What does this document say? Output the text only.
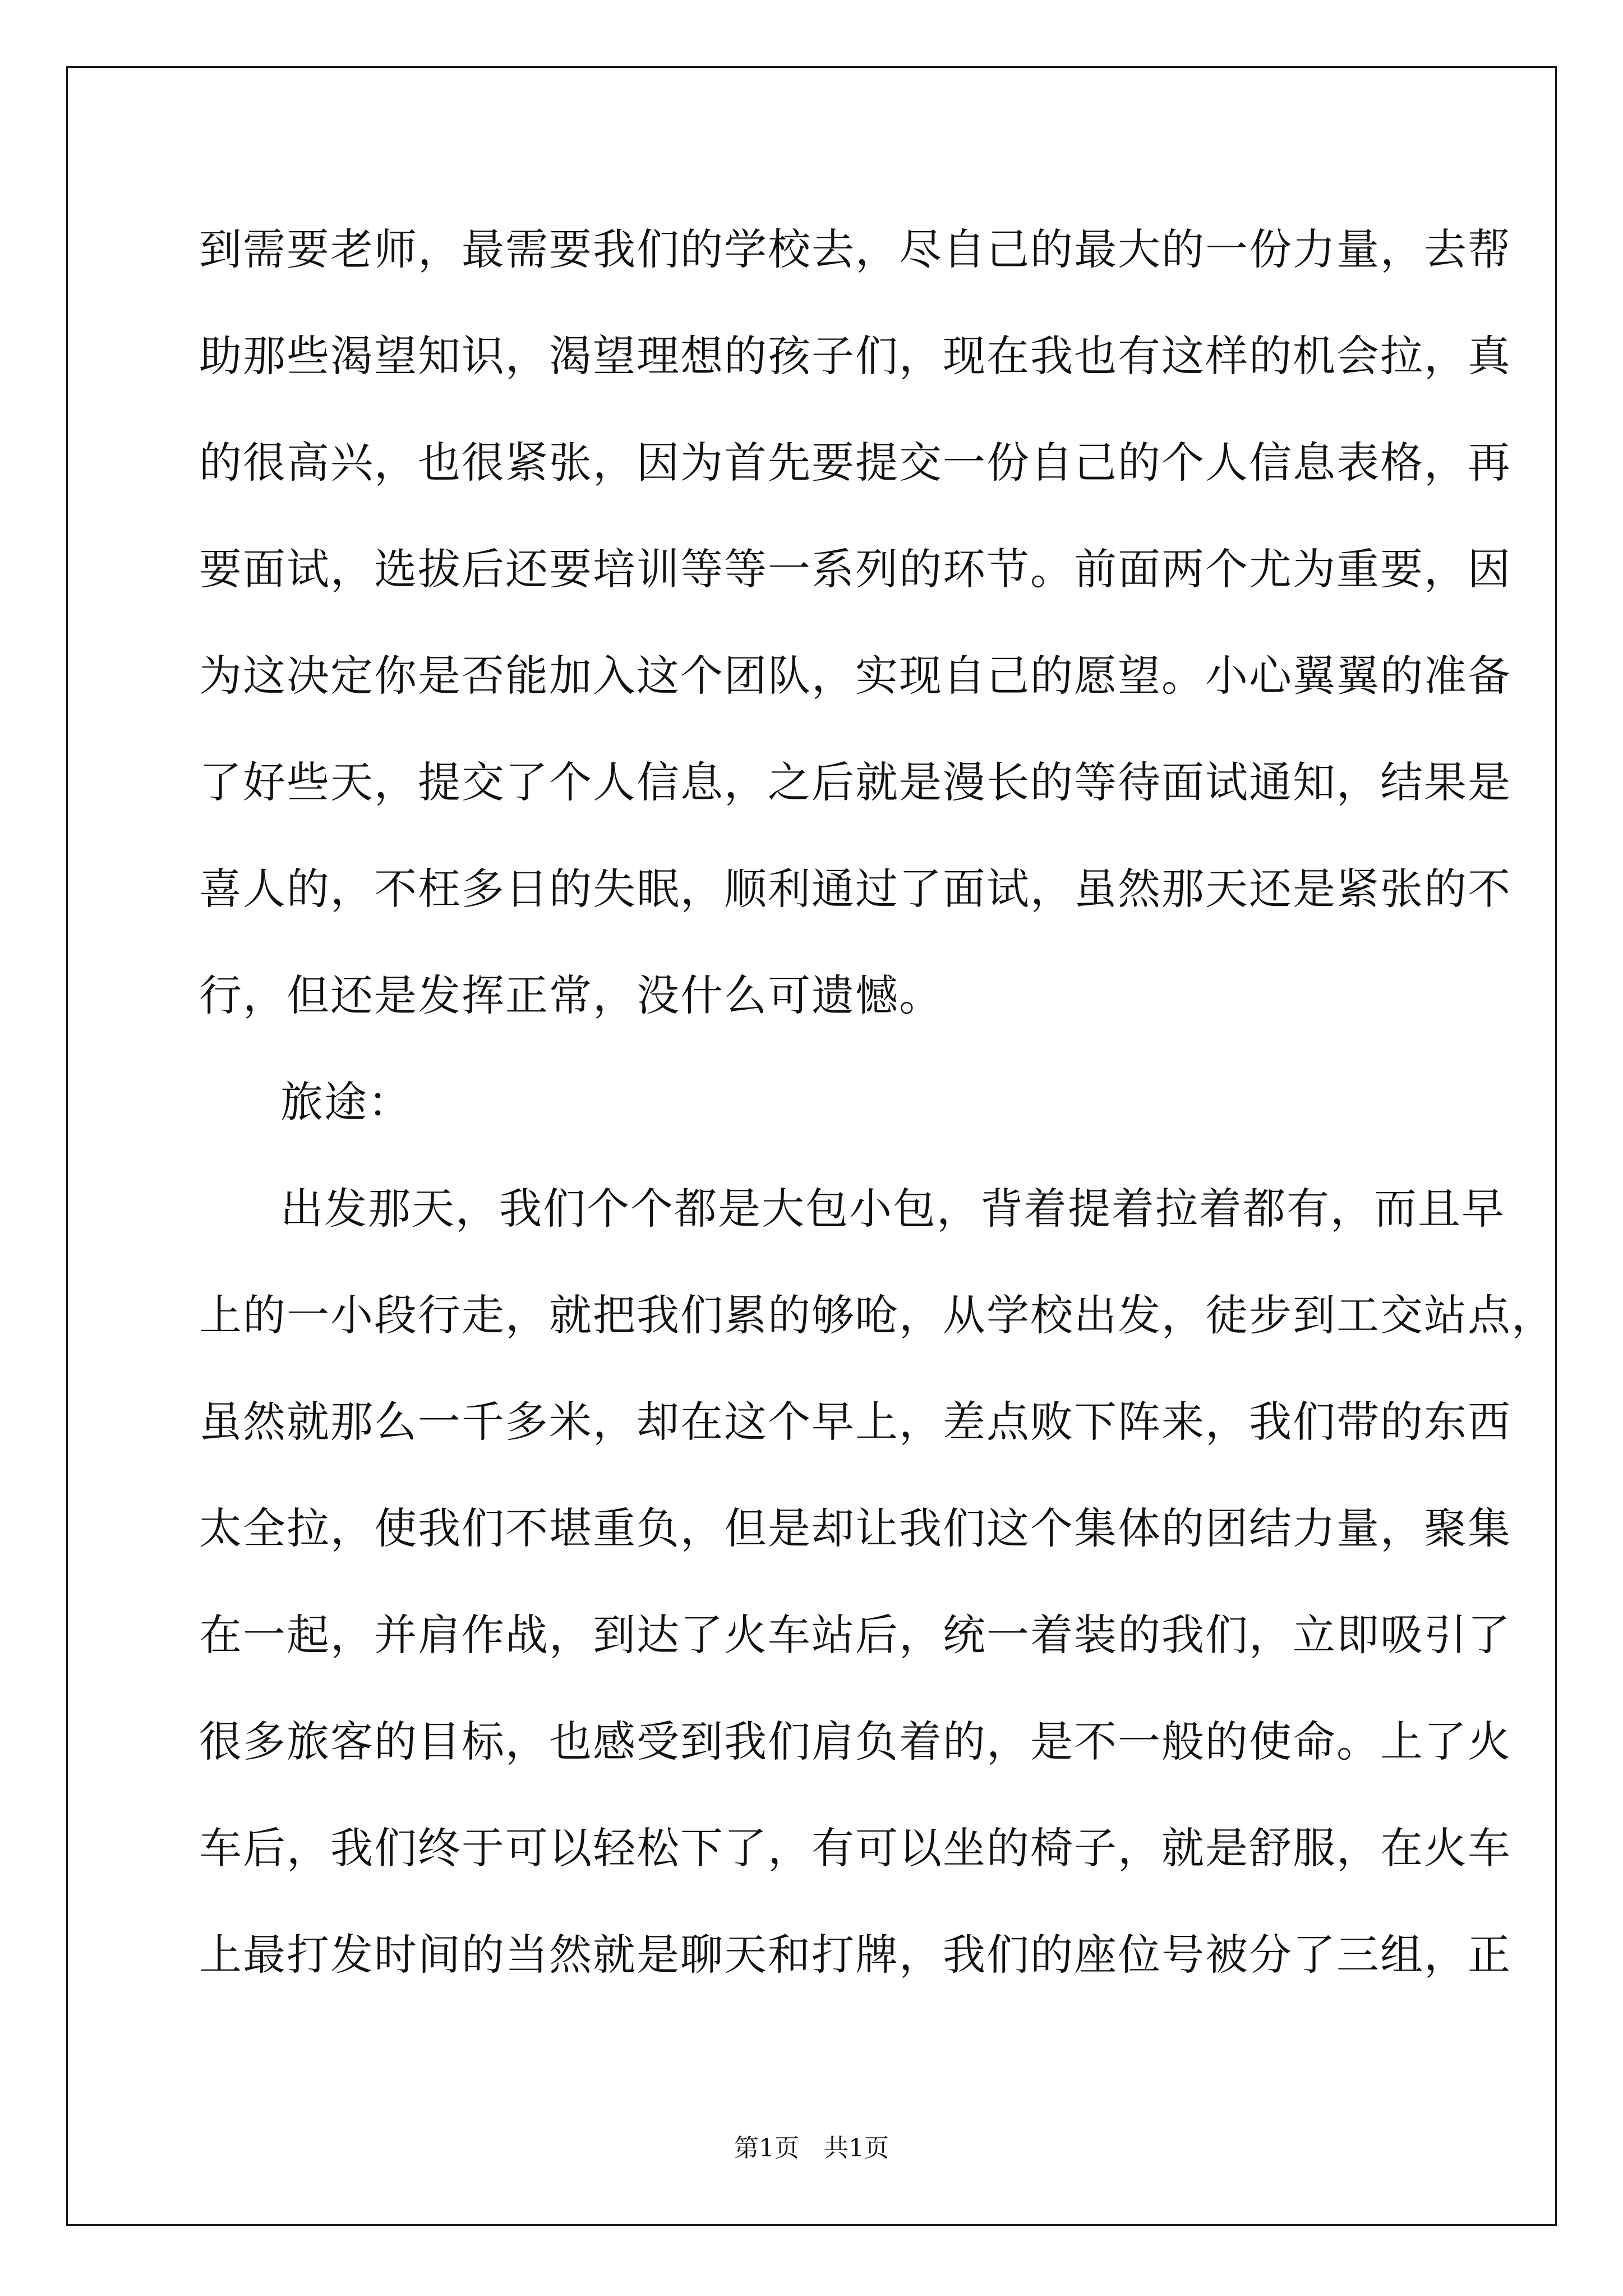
到需要老师，最需要我们的学校去，尽自己的最大的一份力量，去帮
助那些渴望知识，渴望理想的孩子们，现在我也有这样的机会拉，真
的很高兴，也很紧张，因为首先要提交一份自己的个人信息表格，再
要面试，选拔后还要培训等等一系列的环节。前面两个尤为重要，因
为这决定你是否能加入这个团队，实现自己的愿望。小心翼翼的准备
了好些天，提交了个人信息，之后就是漫长的等待面试通知，结果是
喜人的，不枉多日的失眠，顺利通过了面试，虽然那天还是紧张的不
行，但还是发挥正常，没什么可遗憾。
旅途：
出发那天，我们个个都是大包小包，背着提着拉着都有，而且早
上的一小段行走，就把我们累的够呛，从学校出发，徒步到工交站点，
虽然就那么一千多米，却在这个早上，差点败下阵来，我们带的东西
太全拉，使我们不堪重负，但是却让我们这个集体的团结力量，聚集
在一起，并肩作战，到达了火车站后，统一着装的我们，立即吸引了
很多旅客的目标，也感受到我们肩负着的，是不一般的使命。上了火
车后，我们终于可以轻松下了，有可以坐的椅子，就是舒服，在火车
上最打发时间的当然就是聊天和打牌，我们的座位号被分了三组，正
第1页 共1页
